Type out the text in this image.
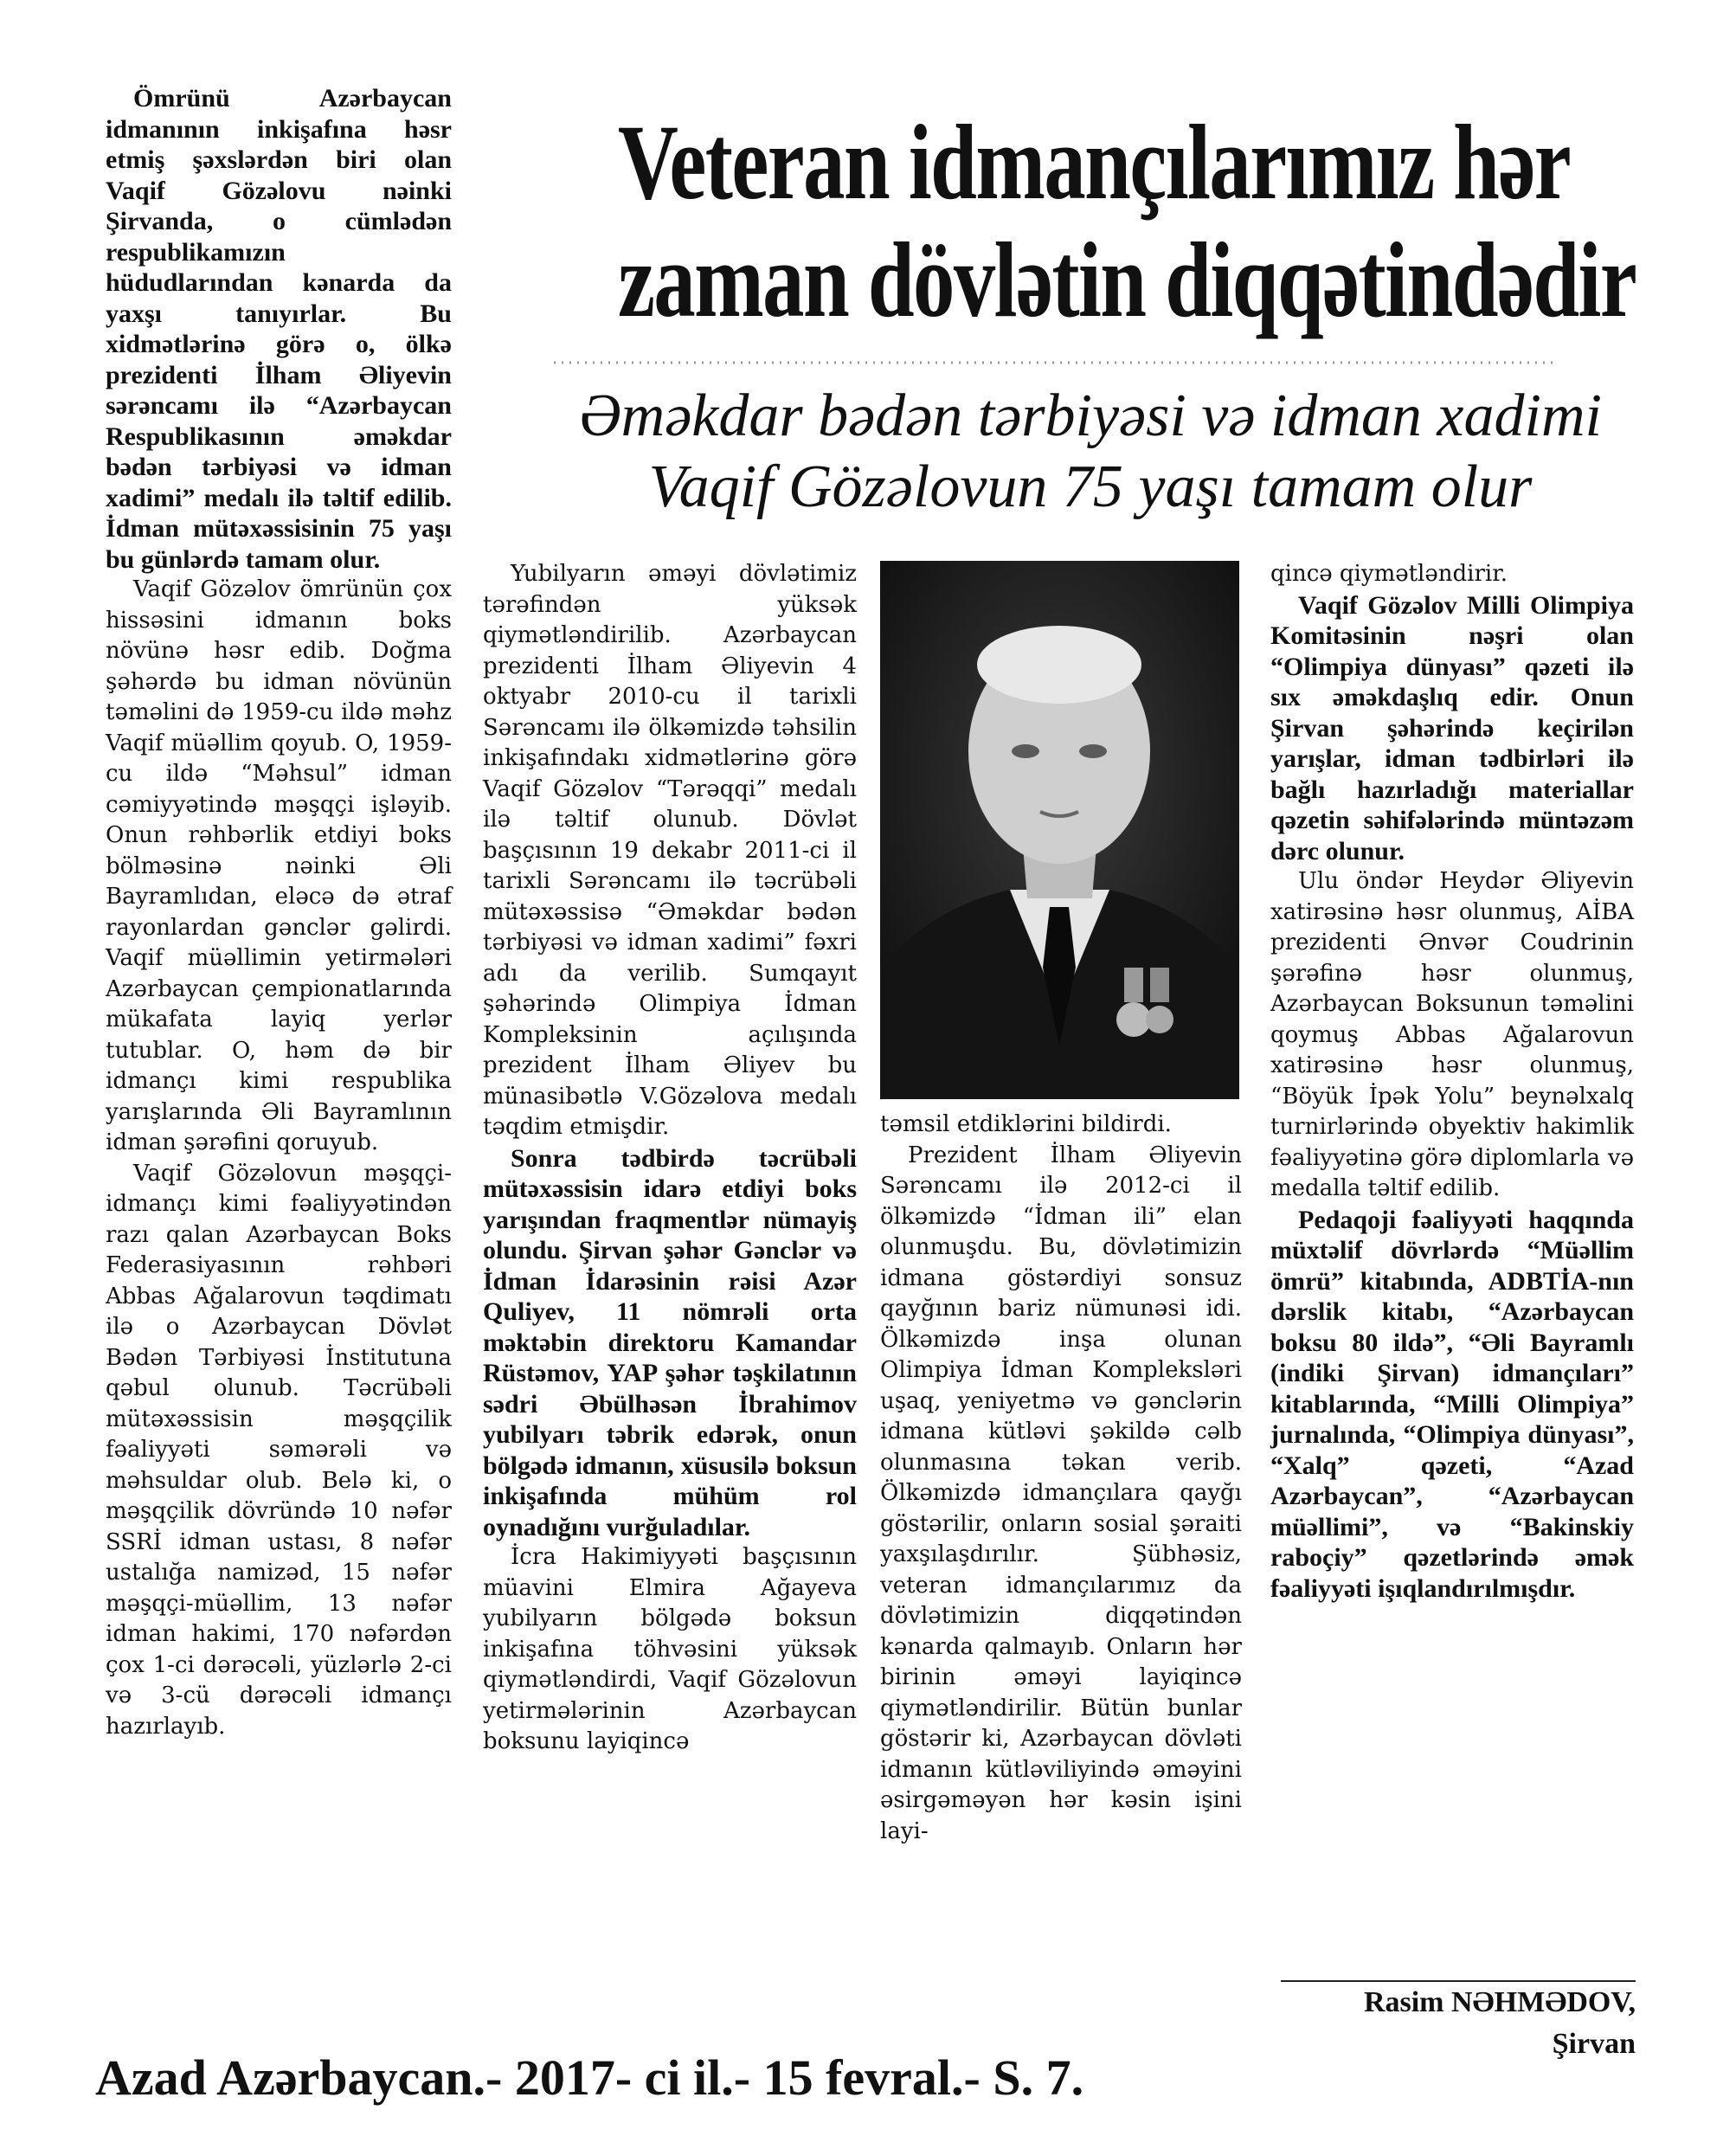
Veteran idmançılarımız hər
zaman dövlətin diqqətindədir
Əməkdar bədən tərbiyəsi və idman xadimi
Vaqif Gözəlovun 75 yaşı tamam olur

Ömrünü Azərbaycan idmanının inkişafına həsr etmiş şəxslərdən biri olan Vaqif Gözəlovu nəinki Şirvanda, o cümlədən respublikamızın hüdudlarından kənarda da yaxşı tanıyırlar. Bu xidmətlərinə görə o, ölkə prezidenti İlham Əliyevin sərəncamı ilə “Azərbaycan Respublikasının əməkdar bədən tərbiyəsi və idman xadimi” medalı ilə təltif edilib. İdman mütəxəssisinin 75 yaşı bu günlərdə tamam olur.

Vaqif Gözəlov ömrünün çox hissəsini idmanın boks növünə həsr edib. Doğma şəhərdə bu idman növünün təməlini də 1959-cu ildə məhz Vaqif müəllim qoyub. O, 1959-cu ildə “Məhsul” idman cəmiyyətində məşqçi işləyib. Onun rəhbərlik etdiyi boks bölməsinə nəinki Əli Bayramlıdan, eləcə də ətraf rayonlardan gənclər gəlirdi. Vaqif müəllimin yetirmələri Azərbaycan çempionatlarında mükafata layiq yerlər tutublar. O, həm də bir idmançı kimi respublika yarışlarında Əli Bayramlının idman şərəfini qoruyub.

Vaqif Gözəlovun məşqçi-idmançı kimi fəaliyyətindən razı qalan Azərbaycan Boks Federasiyasının rəhbəri Abbas Ağalarovun təqdimatı ilə o Azərbaycan Dövlət Bədən Tərbiyəsi İnstitutuna qəbul olunub. Təcrübəli mütəxəssisin məşqçilik fəaliyyəti səmərəli və məhsuldar olub. Belə ki, o məşqçilik dövründə 10 nəfər SSRİ idman ustası, 8 nəfər ustalığa namizəd, 15 nəfər məşqçi-müəllim, 13 nəfər idman hakimi, 170 nəfərdən çox 1-ci dərəcəli, yüzlərlə 2-ci və 3-cü dərəcəli idmançı hazırlayıb.

Yubilyarın əməyi dövlətimiz tərəfindən yüksək qiymətləndirilib. Azərbaycan prezidenti İlham Əliyevin 4 oktyabr 2010-cu il tarixli Sərəncamı ilə ölkəmizdə təhsilin inkişafındakı xidmətlərinə görə Vaqif Gözəlov “Tərəqqi” medalı ilə təltif olunub. Dövlət başçısının 19 dekabr 2011-ci il tarixli Sərəncamı ilə təcrübəli mütəxəssisə “Əməkdar bədən tərbiyəsi və idman xadimi” fəxri adı da verilib. Sumqayıt şəhərində Olimpiya İdman Kompleksinin açılışında prezident İlham Əliyev bu münasibətlə V.Gözəlova medalı təqdim etmişdir.

Sonra tədbirdə təcrübəli mütəxəssisin idarə etdiyi boks yarışından fraqmentlər nümayiş olundu. Şirvan şəhər Gənclər və İdman İdarəsinin rəisi Azər Quliyev, 11 nömrəli orta məktəbin direktoru Kamandar Rüstəmov, YAP şəhər təşkilatının sədri Əbülhəsən İbrahimov yubilyarı təbrik edərək, onun bölgədə idmanın, xüsusilə boksun inkişafında mühüm rol oynadığını vurğuladılar.

İcra Hakimiyyəti başçısının müavini Elmira Ağayeva yubilyarın bölgədə boksun inkişafına töhvəsini yüksək qiymətləndirdi, Vaqif Gözəlovun yetirmələrinin Azərbaycan boksunu layiqincə

təmsil etdiklərini bildirdi.

Prezident İlham Əliyevin Sərəncamı ilə 2012-ci il ölkəmizdə “İdman ili” elan olunmuşdu. Bu, dövlətimizin idmana göstərdiyi sonsuz qayğının bariz nümunəsi idi. Ölkəmizdə inşa olunan Olimpiya İdman Kompleksləri uşaq, yeniyetmə və gənclərin idmana kütləvi şəkildə cəlb olunmasına təkan verib. Ölkəmizdə idmançılara qayğı göstərilir, onların sosial şəraiti yaxşılaşdırılır. Şübhəsiz, veteran idmançılarımız da dövlətimizin diqqətindən kənarda qalmayıb. Onların hər birinin əməyi layiqincə qiymətləndirilir. Bütün bunlar göstərir ki, Azərbaycan dövləti idmanın kütləviliyində əməyini əsirgəməyən hər kəsin işini layi-

qincə qiymətləndirir.

Vaqif Gözəlov Milli Olimpiya Komitəsinin nəşri olan “Olimpiya dünyası” qəzeti ilə sıx əməkdaşlıq edir. Onun Şirvan şəhərində keçirilən yarışlar, idman tədbirləri ilə bağlı hazırladığı materiallar qəzetin səhifələrində müntəzəm dərc olunur.

Ulu öndər Heydər Əliyevin xatirəsinə həsr olunmuş, AİBA prezidenti Ənvər Coudrinin şərəfinə həsr olunmuş, Azərbaycan Boksunun təməlini qoymuş Abbas Ağalarovun xatirəsinə həsr olunmuş, “Böyük İpək Yolu” beynəlxalq turnirlərində obyektiv hakimlik fəaliyyətinə görə diplomlarla və medalla təltif edilib.

Pedaqoji fəaliyyəti haqqında müxtəlif dövrlərdə “Müəllim ömrü” kitabında, ADBTİA-nın dərslik kitabı, “Azərbaycan boksu 80 ildə”, “Əli Bayramlı (indiki Şirvan) idmançıları” kitablarında, “Milli Olimpiya” jurnalında, “Olimpiya dünyası”, “Xalq” qəzeti, “Azad Azərbaycan”, “Azərbaycan müəllimi”, və “Bakinskiy raboçiy” qəzetlərində əmək fəaliyyəti işıqlandırılmışdır.

Rasim NƏHMƏDOV,
Şirvan
Azad Azərbaycan.- 2017- ci il.- 15 fevral.- S. 7.
